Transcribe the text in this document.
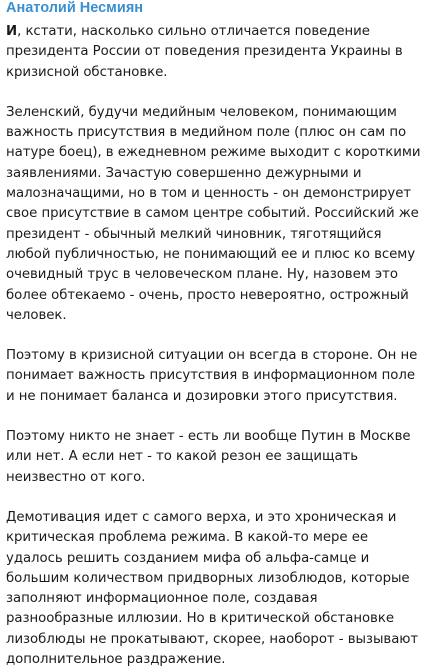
Анатолий Несмиян

И, кстати, насколько сильно отличается поведение президента России от поведения президента Украины в кризисной обстановке.

Зеленский, будучи медийным человеком, понимающим важность присутствия в медийном поле (плюс он сам по натуре боец), в ежедневном режиме выходит с короткими заявлениями. Зачастую совершенно дежурными и малозначащими, но в том и ценность - он демонстрирует свое присутствие в самом центре событий. Российский же президент - обычный мелкий чиновник, тяготящийся любой публичностью, не понимающий ее и плюс ко всему очевидный трус в человеческом плане. Ну, назовем это более обтекаемо - очень, просто невероятно, острожный человек.

Поэтому в кризисной ситуации он всегда в стороне. Он не понимает важность присутствия в информационном поле и не понимает баланса и дозировки этого присутствия.

Поэтому никто не знает - есть ли вообще Путин в Москве или нет. А если нет - то какой резон ее защищать неизвестно от кого.

Демотивация идет с самого верха, и это хроническая и критическая проблема режима. В какой-то мере ее удалось решить созданием мифа об альфа-самце и большим количеством придворных лизоблюдов, которые заполняют информационное поле, создавая разнообразные иллюзии. Но в критической обстановке лизоблюды не прокатывают, скорее, наоборот - вызывают дополнительное раздражение.
